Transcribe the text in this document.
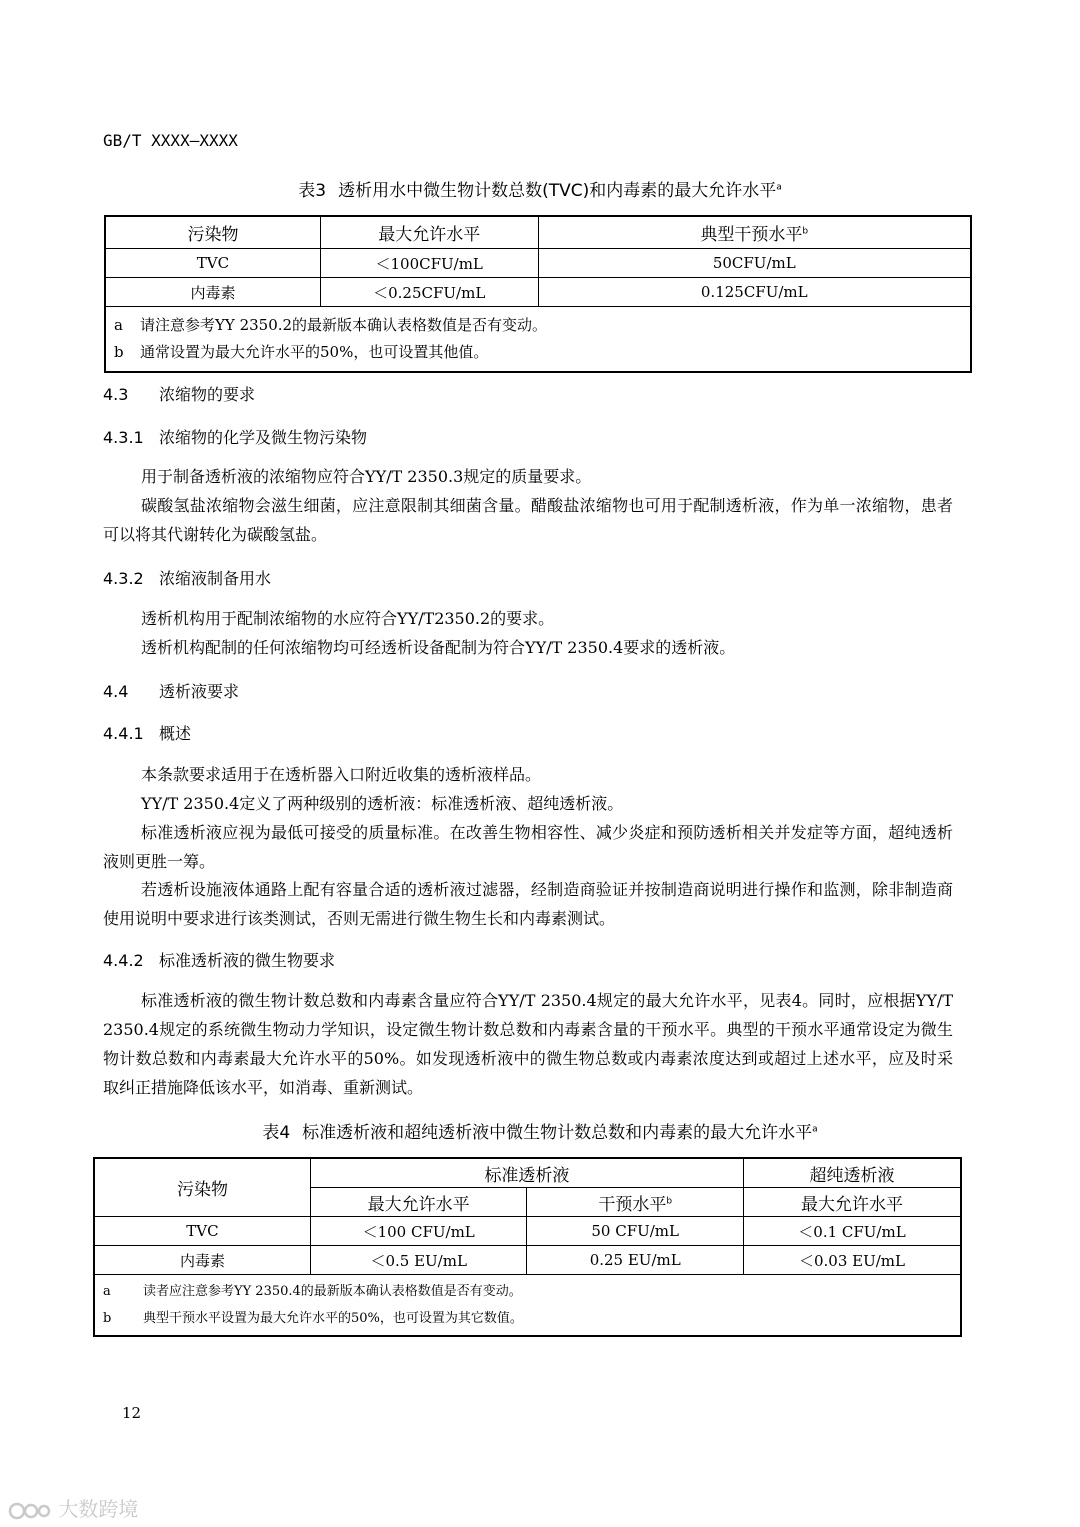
GB/T XXXX—XXXX
表3 透析用水中微生物计数总数(TVC)和内毒素的最大允许水平$^a$
污染物	最大允许水平	典型干预水平$^b$
TVC	＜100CFU/mL	50CFU/mL
内毒素	＜0.25CFU/mL	0.125CFU/mL

a 请注意参考YY 2350.2的最新版本确认表格数值是否有变动。
b 通常设置为最大允许水平的50%，也可设置其他值。		
4.3 浓缩物的要求
4.3.1 浓缩物的化学及微生物污染物
用于制备透析液的浓缩物应符合YY/T 2350.3规定的质量要求。
碳酸氢盐浓缩物会滋生细菌，应注意限制其细菌含量。醋酸盐浓缩物也可用于配制透析液，作为单一浓缩物，患者可以将其代谢转化为碳酸氢盐。
4.3.2 浓缩液制备用水
透析机构用于配制浓缩物的水应符合YY/T2350.2的要求。
透析机构配制的任何浓缩物均可经透析设备配制为符合YY/T 2350.4要求的透析液。
4.4 透析液要求
4.4.1 概述
本条款要求适用于在透析器入口附近收集的透析液样品。
YY/T 2350.4定义了两种级别的透析液：标准透析液、超纯透析液。
标准透析液应视为最低可接受的质量标准。在改善生物相容性、减少炎症和预防透析相关并发症等方面，超纯透析液则更胜一筹。
若透析设施液体通路上配有容量合适的透析液过滤器，经制造商验证并按制造商说明进行操作和监测，除非制造商使用说明中要求进行该类测试，否则无需进行微生物生长和内毒素测试。
4.4.2 标准透析液的微生物要求
标准透析液的微生物计数总数和内毒素含量应符合YY/T 2350.4规定的最大允许水平，见表4。同时，应根据YY/T 2350.4规定的系统微生物动力学知识，设定微生物计数总数和内毒素含量的干预水平。典型的干预水平通常设定为微生物计数总数和内毒素最大允许水平的50%。如发现透析液中的微生物总数或内毒素浓度达到或超过上述水平，应及时采取纠正措施降低该水平，如消毒、重新测试。
表4 标准透析液和超纯透析液中微生物计数总数和内毒素的最大允许水平$^a$
污染物	标准透析液		超纯透析液
	最大允许水平	干预水平$^b$	最大允许水平
TVC	＜100 CFU/mL	50 CFU/mL	＜0.1 CFU/mL
内毒素	＜0.5 EU/mL	0.25 EU/mL	＜0.03 EU/mL

a 读者应注意参考YY 2350.4的最新版本确认表格数值是否有变动。
b 典型干预水平设置为最大允许水平的50%，也可设置为其它数值。			
12
大数跨境
